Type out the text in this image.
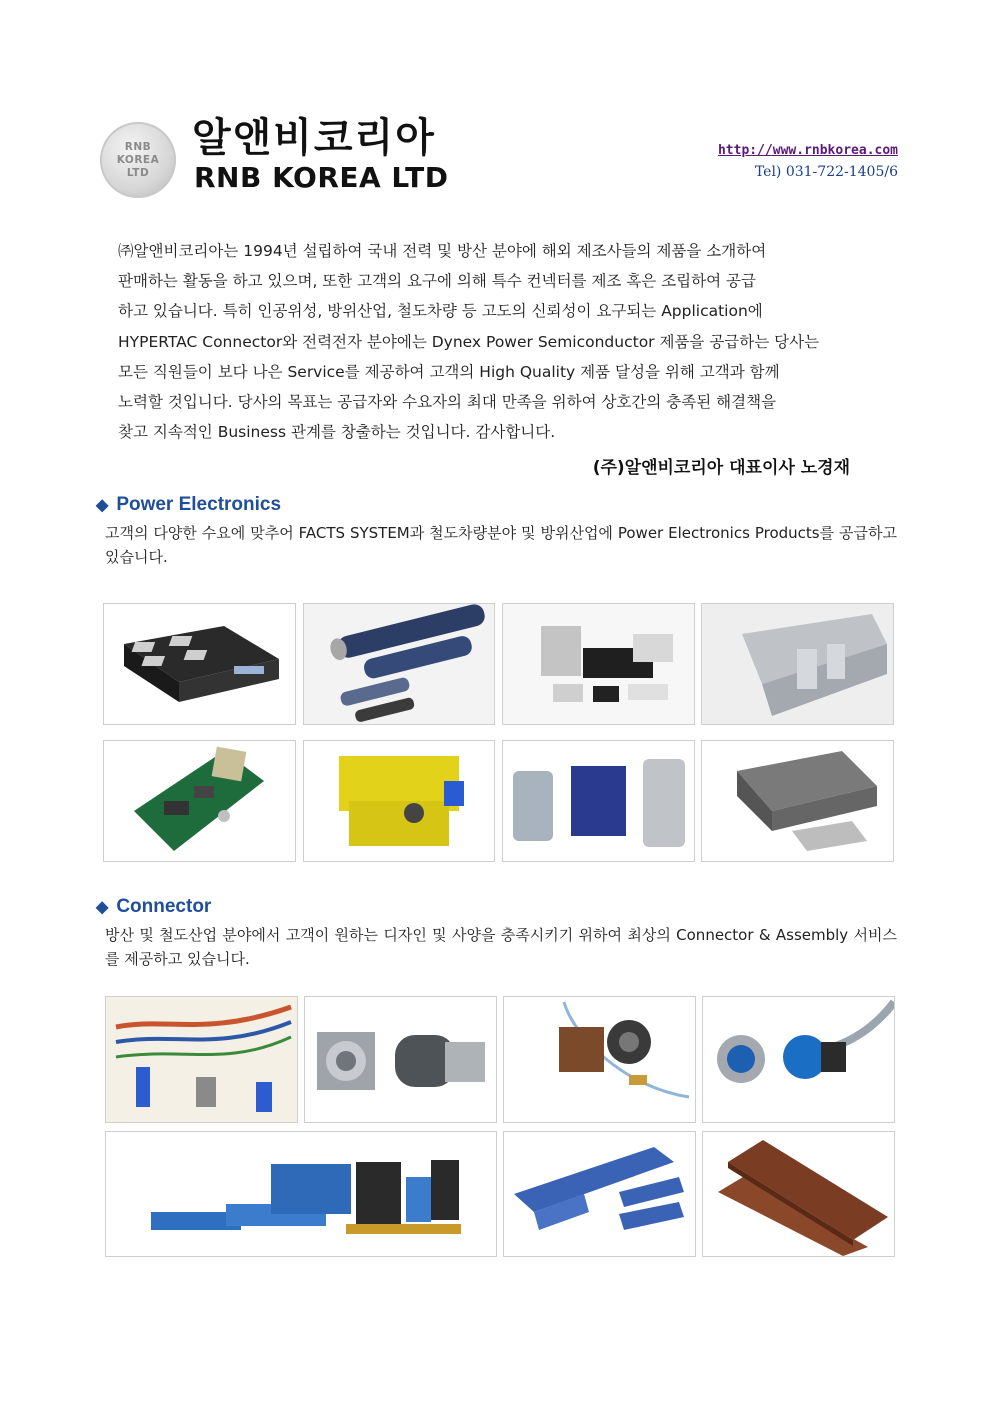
RNB
KOREA
LTD
알앤비코리아
RNB KOREA LTD
http://www.rnbkorea.com
Tel) 031-722-1405/6

㈜알앤비코리아는 1994년 설립하여 국내 전력 및 방산 분야에 해외 제조사들의 제품을 소개하여

판매하는 활동을 하고 있으며, 또한 고객의 요구에 의해 특수 컨넥터를 제조 혹은 조립하여 공급

하고 있습니다. 특히 인공위성, 방위산업, 철도차량 등 고도의 신뢰성이 요구되는 Application에

HYPERTAC Connector와 전력전자 분야에는 Dynex Power Semiconductor 제품을 공급하는 당사는

모든 직원들이 보다 나은 Service를 제공하여 고객의 High Quality 제품 달성을 위해 고객과 함께

노력할 것입니다. 당사의 목표는 공급자와 수요자의 최대 만족을 위하여 상호간의 충족된 해결책을

찾고 지속적인 Business 관계를 창출하는 것입니다. 감사합니다.

(주)알앤비코리아 대표이사 노경재
◆ Power Electronics
고객의 다양한 수요에 맞추어 FACTS SYSTEM과 철도차량분야 및 방위산업에 Power Electronics Products를 공급하고 있습니다.
◆ Connector
방산 및 철도산업 분야에서 고객이 원하는 디자인 및 사양을 충족시키기 위하여 최상의 Connector & Assembly 서비스를 제공하고 있습니다.
